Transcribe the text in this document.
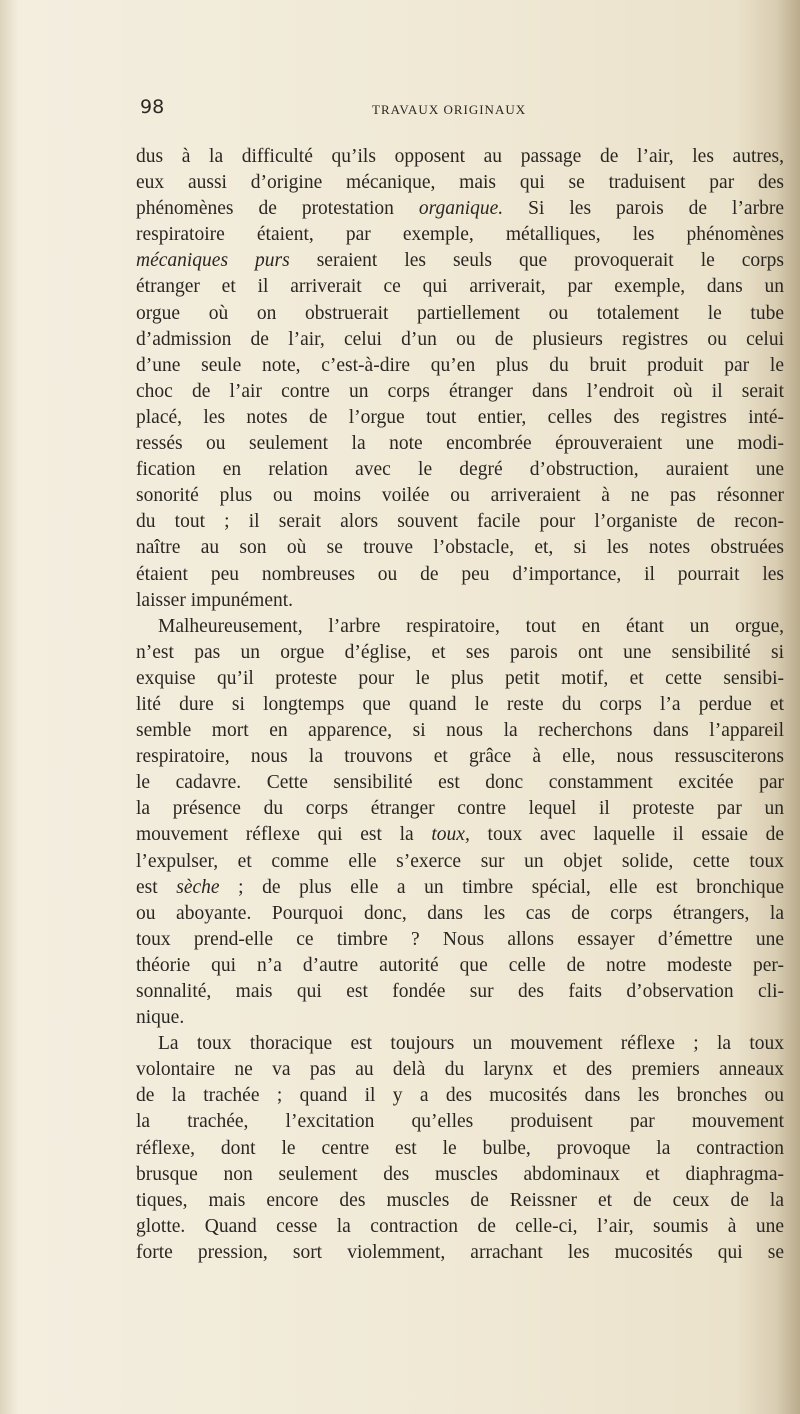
98	TRAVAUX ORIGINAUX
dus à la difficulté qu’ils opposent au passage de l’air, les autres,
eux aussi d’origine mécanique, mais qui se traduisent par des
phénomènes de protestation organique. Si les parois de l’arbre
respiratoire étaient, par exemple, métalliques, les phénomènes
mécaniques purs seraient les seuls que provoquerait le corps
étranger et il arriverait ce qui arriverait, par exemple, dans un
orgue où on obstruerait partiellement ou totalement le tube
d’admission de l’air, celui d’un ou de plusieurs registres ou celui
d’une seule note, c’est-à-dire qu’en plus du bruit produit par le
choc de l’air contre un corps étranger dans l’endroit où il serait
placé, les notes de l’orgue tout entier, celles des registres inté-
ressés ou seulement la note encombrée éprouveraient une modi-
fication en relation avec le degré d’obstruction, auraient une
sonorité plus ou moins voilée ou arriveraient à ne pas résonner
du tout ; il serait alors souvent facile pour l’organiste de recon-
naître au son où se trouve l’obstacle, et, si les notes obstruées
étaient peu nombreuses ou de peu d’importance, il pourrait les
laisser impunément.
Malheureusement, l’arbre respiratoire, tout en étant un orgue,
n’est pas un orgue d’église, et ses parois ont une sensibilité si
exquise qu’il proteste pour le plus petit motif, et cette sensibi-
lité dure si longtemps que quand le reste du corps l’a perdue et
semble mort en apparence, si nous la recherchons dans l’appareil
respiratoire, nous la trouvons et grâce à elle, nous ressusciterons
le cadavre. Cette sensibilité est donc constamment excitée par
la présence du corps étranger contre lequel il proteste par un
mouvement réflexe qui est la toux, toux avec laquelle il essaie de
l’expulser, et comme elle s’exerce sur un objet solide, cette toux
est sèche ; de plus elle a un timbre spécial, elle est bronchique
ou aboyante. Pourquoi donc, dans les cas de corps étrangers, la
toux prend-elle ce timbre ? Nous allons essayer d’émettre une
théorie qui n’a d’autre autorité que celle de notre modeste per-
sonnalité, mais qui est fondée sur des faits d’observation cli-
nique.
La toux thoracique est toujours un mouvement réflexe ; la toux
volontaire ne va pas au delà du larynx et des premiers anneaux
de la trachée ; quand il y a des mucosités dans les bronches ou
la trachée, l’excitation qu’elles produisent par mouvement
réflexe, dont le centre est le bulbe, provoque la contraction
brusque non seulement des muscles abdominaux et diaphragma-
tiques, mais encore des muscles de Reissner et de ceux de la
glotte. Quand cesse la contraction de celle-ci, l’air, soumis à une
forte pression, sort violemment, arrachant les mucosités qui se
